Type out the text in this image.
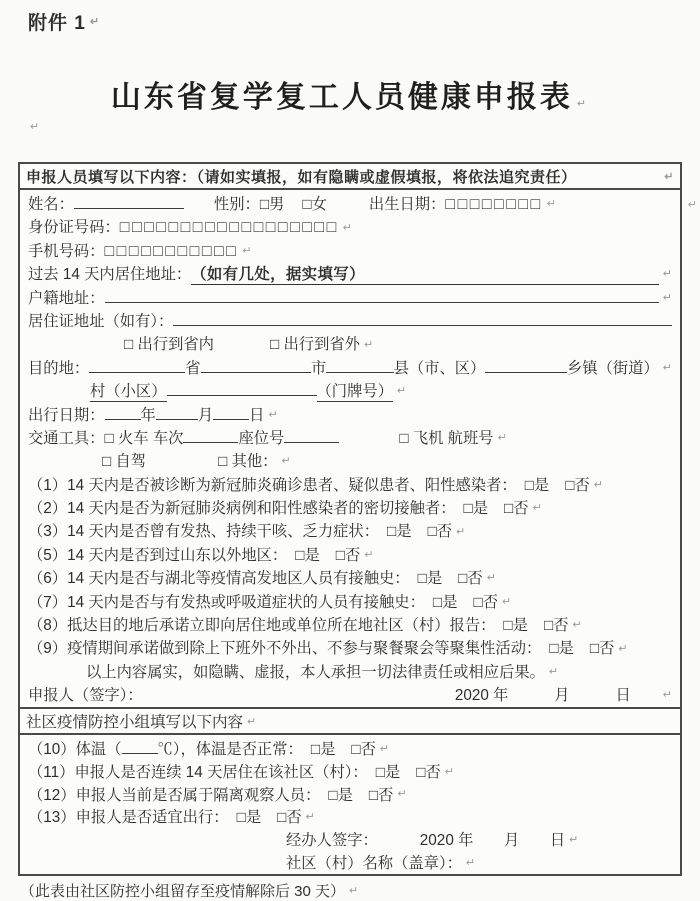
附件 1 ↵
↵
↵
山东省复学复工人员健康申报表 ↵
申报人员填写以下内容：（请如实填报，如有隐瞒或虚假填报，将依法追究责任）	↵
姓名：	性别： □男 □女	出生日期： □□□□□□□□ ↵
身份证号码： □□□□□□□□□□□□□□□□□□ ↵
手机号码： □□□□□□□□□□□ ↵
过去 14 天内居住地址： （如有几处，据实填写）	↵
户籍地址：	↵
居住证地址（如有）：
□ 出行到省内	□ 出行到省外 ↵
目的地：	省	市	县（市、区）	乡镇（街道） ↵
村（小区）	（门牌号） ↵
出行日期： 年	月 日 ↵
交通工具： □ 火车 车次	座位号	□ 飞机 航班号 ↵
□ 自驾	□ 其他： ↵
（1）14 天内是否被诊断为新冠肺炎确诊患者、疑似患者、阳性感染者： □是 □否 ↵
（2）14 天内是否为新冠肺炎病例和阳性感染者的密切接触者： □是 □否 ↵
（3）14 天内是否曾有发热、持续干咳、乏力症状： □是 □否 ↵
（5）14 天内是否到过山东以外地区： □是 □否 ↵
（6）14 天内是否与湖北等疫情高发地区人员有接触史： □是 □否 ↵
（7）14 天内是否与有发热或呼吸道症状的人员有接触史： □是 □否 ↵
（8）抵达目的地后承诺立即向居住地或单位所在地社区（村）报告： □是 □否 ↵
（9）疫情期间承诺做到除上下班外不外出、不参与聚餐聚会等聚集性活动： □是 □否 ↵
以上内容属实，如隐瞒、虚报，本人承担一切法律责任或相应后果。 ↵
申报人（签字）：	2020 年　　　月　　　日	↵
社区疫情防控小组填写以下内容 ↵
（10）体温（ ℃），体温是否正常： □是 □否 ↵
（11）申报人是否连续 14 天居住在该社区（村）： □是 □否 ↵
（12）申报人当前是否属于隔离观察人员： □是 □否 ↵
（13）申报人是否适宜出行： □是 □否 ↵
经办人签字：	2020 年　　月　　日 ↵
社区（村）名称（盖章）： ↵
（此表由社区防控小组留存至疫情解除后 30 天） ↵
